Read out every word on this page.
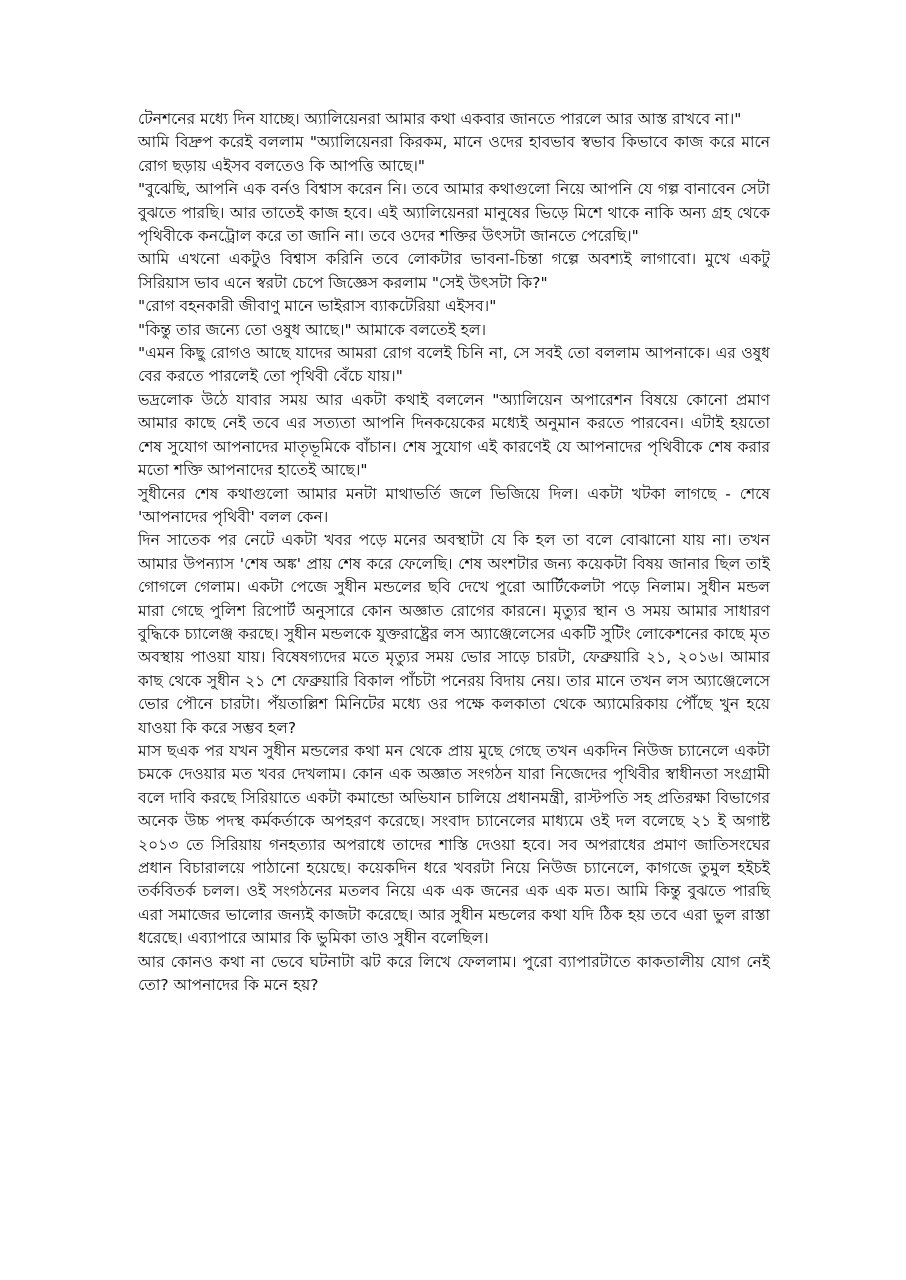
টেনশনের মধ্যে দিন যাচ্ছে। অ্যালিয়েনরা আমার কথা একবার জানতে পারলে আর আস্ত রাখবে না।"

আমি বিদ্রুপ করেই বললাম "অ্যালিয়েনরা কিরকম, মানে ওদের হাবভাব স্বভাব কিভাবে কাজ করে মানে রোগ ছড়ায় এইসব বলতেও কি আপত্তি আছে।"

"বুঝেছি, আপনি এক বর্নও বিশ্বাস করেন নি। তবে আমার কথাগুলো নিয়ে আপনি যে গল্প বানাবেন সেটা বুঝতে পারছি। আর তাতেই কাজ হবে। এই অ্যালিয়েনরা মানুষের ভিড়ে মিশে থাকে নাকি অন্য গ্রহ থেকে পৃথিবীকে কনট্রোল করে তা জানি না। তবে ওদের শক্তির উৎসটা জানতে পেরেছি।"

আমি এখনো একটুও বিশ্বাস করিনি তবে লোকটার ভাবনা-চিন্তা গল্পে অবশ্যই লাগাবো। মুখে একটু সিরিয়াস ভাব এনে স্বরটা চেপে জিজ্ঞেস করলাম "সেই উৎসটা কি?"

"রোগ বহনকারী জীবাণু মানে ভাইরাস ব্যাকটেরিয়া এইসব।"

"কিন্তু তার জন্যে তো ওষুধ আছে।" আমাকে বলতেই হল।

"এমন কিছু রোগও আছে যাদের আমরা রোগ বলেই চিনি না, সে সবই তো বললাম আপনাকে। এর ওষুধ বের করতে পারলেই তো পৃথিবী বেঁচে যায়।"

ভদ্রলোক উঠে যাবার সময় আর একটা কথাই বললেন "অ্যালিয়েন অপারেশন বিষয়ে কোনো প্রমাণ আমার কাছে নেই তবে এর সত্যতা আপনি দিনকয়েকের মধ্যেই অনুমান করতে পারবেন। এটাই হয়তো শেষ সুযোগ আপনাদের মাতৃভূমিকে বাঁচান। শেষ সুযোগ এই কারণেই যে আপনাদের পৃথিবীকে শেষ করার মতো শক্তি আপনাদের হাতেই আছে।"

সুধীনের শেষ কথাগুলো আমার মনটা মাথাভর্তি জলে ভিজিয়ে দিল। একটা খটকা লাগছে - শেষে 'আপনাদের পৃথিবী' বলল কেন।

দিন সাতেক পর নেটে একটা খবর পড়ে মনের অবস্থাটা যে কি হল তা বলে বোঝানো যায় না। তখন আমার উপন্যাস 'শেষ অঙ্ক' প্রায় শেষ করে ফেলেছি। শেষ অংশটার জন্য কয়েকটা বিষয় জানার ছিল তাই গোগলে গেলাম। একটা পেজে সুধীন মন্ডলের ছবি দেখে পুরো আর্টিকেলটা পড়ে নিলাম। সুধীন মন্ডল মারা গেছে পুলিশ রিপোর্ট অনুসারে কোন অজ্ঞাত রোগের কারনে। মৃত্যুর স্থান ও সময় আমার সাধারণ বুদ্ধিকে চ্যালেঞ্জ করছে। সুধীন মন্ডলকে যুক্তরাষ্ট্রের লস অ্যাঞ্জেলেসের একটি সুটিং লোকেশনের কাছে মৃত অবস্থায় পাওয়া যায়। বিষেষগ্যদের মতে মৃত্যুর সময় ভোর সাড়ে চারটা, ফেব্রুয়ারি ২১, ২০১৬। আমার কাছ থেকে সুধীন ২১ শে ফেব্রুয়ারি বিকাল পাঁচটা পনেরয় বিদায় নেয়। তার মানে তখন লস অ্যাঞ্জেলেসে ভোর পৌনে চারটা। পঁয়তাল্লিশ মিনিটের মধ্যে ওর পক্ষে কলকাতা থেকে অ্যামেরিকায় পৌঁছে খুন হয়ে যাওয়া কি করে সম্ভব হল?

মাস ছএক পর যখন সুধীন মন্ডলের কথা মন থেকে প্রায় মুছে গেছে তখন একদিন নিউজ চ্যানেলে একটা চমকে দেওয়ার মত খবর দেখলাম। কোন এক অজ্ঞাত সংগঠন যারা নিজেদের পৃথিবীর স্বাধীনতা সংগ্রামী বলে দাবি করছে সিরিয়াতে একটা কমান্ডো অভিযান চালিয়ে প্রধানমন্ত্রী, রাস্টপতি সহ প্রতিরক্ষা বিভাগের অনেক উচ্চ পদস্থ কর্মকর্তাকে অপহরণ করেছে। সংবাদ চ্যানেলের মাধ্যমে ওই দল বলেছে ২১ ই অগাষ্ট ২০১৩ তে সিরিয়ায় গনহত্যার অপরাধে তাদের শাস্তি দেওয়া হবে। সব অপরাধের প্রমাণ জাতিসংঘের প্রধান বিচারালয়ে পাঠানো হয়েছে। কয়েকদিন ধরে খবরটা নিয়ে নিউজ চ্যানেলে, কাগজে তুমুল হইচই তর্কবিতর্ক চলল। ওই সংগঠনের মতলব নিয়ে এক এক জনের এক এক মত। আমি কিন্তু বুঝতে পারছি এরা সমাজের ভালোর জন্যই কাজটা করেছে। আর সুধীন মন্ডলের কথা যদি ঠিক হয় তবে এরা ভুল রাস্তা ধরেছে। এব্যাপারে আমার কি ভুমিকা তাও সুধীন বলেছিল।

আর কোনও কথা না ভেবে ঘটনাটা ঝট করে লিখে ফেললাম। পুরো ব্যাপারটাতে কাকতালীয় যোগ নেই তো? আপনাদের কি মনে হয়?
